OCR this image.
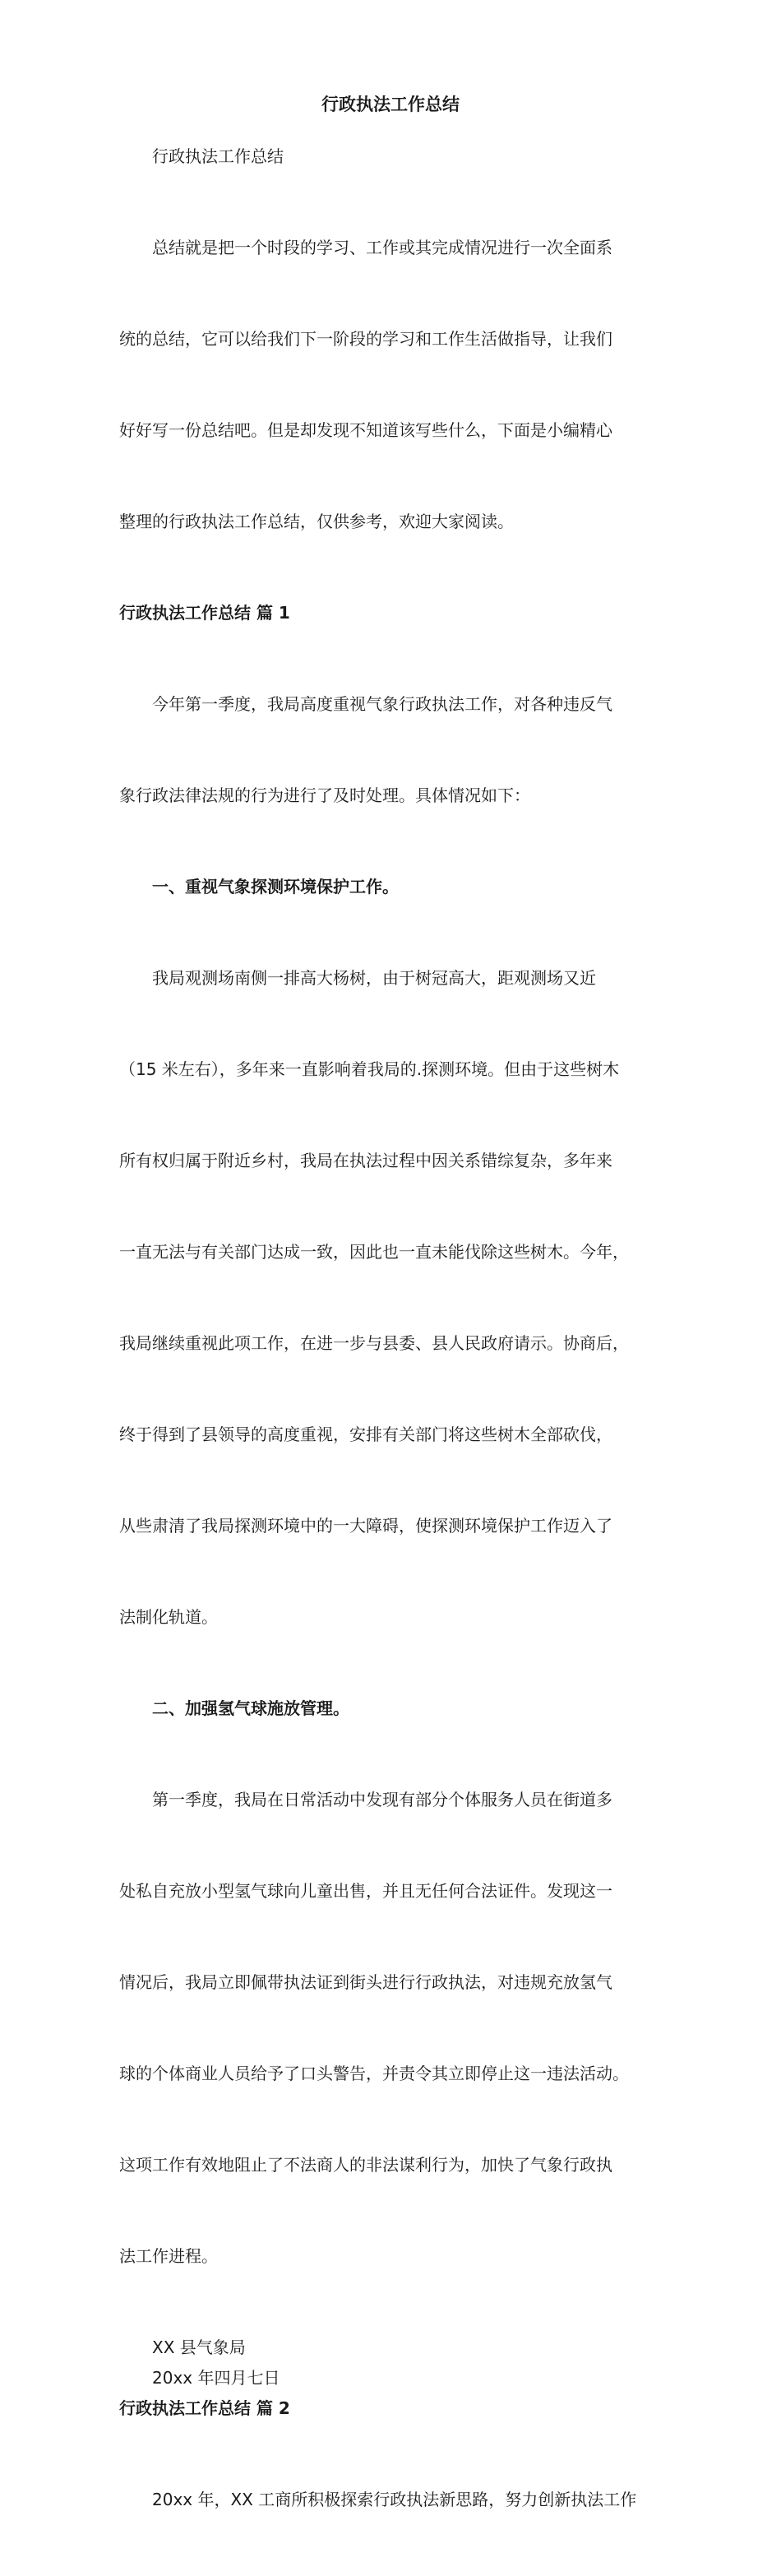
行政执法工作总结

行政执法工作总结

总结就是把一个时段的学习、工作或其完成情况进行一次全面系

统的总结，它可以给我们下一阶段的学习和工作生活做指导，让我们

好好写一份总结吧。但是却发现不知道该写些什么，下面是小编精心

整理的行政执法工作总结，仅供参考，欢迎大家阅读。

行政执法工作总结 篇 1

今年第一季度，我局高度重视气象行政执法工作，对各种违反气

象行政法律法规的行为进行了及时处理。具体情况如下：

一、重视气象探测环境保护工作。

我局观测场南侧一排高大杨树，由于树冠高大，距观测场又近

（15 米左右），多年来一直影响着我局的.探测环境。但由于这些树木

所有权归属于附近乡村，我局在执法过程中因关系错综复杂，多年来

一直无法与有关部门达成一致，因此也一直未能伐除这些树木。今年，

我局继续重视此项工作，在进一步与县委、县人民政府请示。协商后，

终于得到了县领导的高度重视，安排有关部门将这些树木全部砍伐，

从些肃清了我局探测环境中的一大障碍，使探测环境保护工作迈入了

法制化轨道。

二、加强氢气球施放管理。

第一季度，我局在日常活动中发现有部分个体服务人员在街道多

处私自充放小型氢气球向儿童出售，并且无任何合法证件。发现这一

情况后，我局立即佩带执法证到街头进行行政执法，对违规充放氢气

球的个体商业人员给予了口头警告，并责令其立即停止这一违法活动。

这项工作有效地阻止了不法商人的非法谋利行为，加快了气象行政执

法工作进程。

XX 县气象局

20xx 年四月七日

行政执法工作总结 篇 2

20xx 年，XX 工商所积极探索行政执法新思路，努力创新执法工作
